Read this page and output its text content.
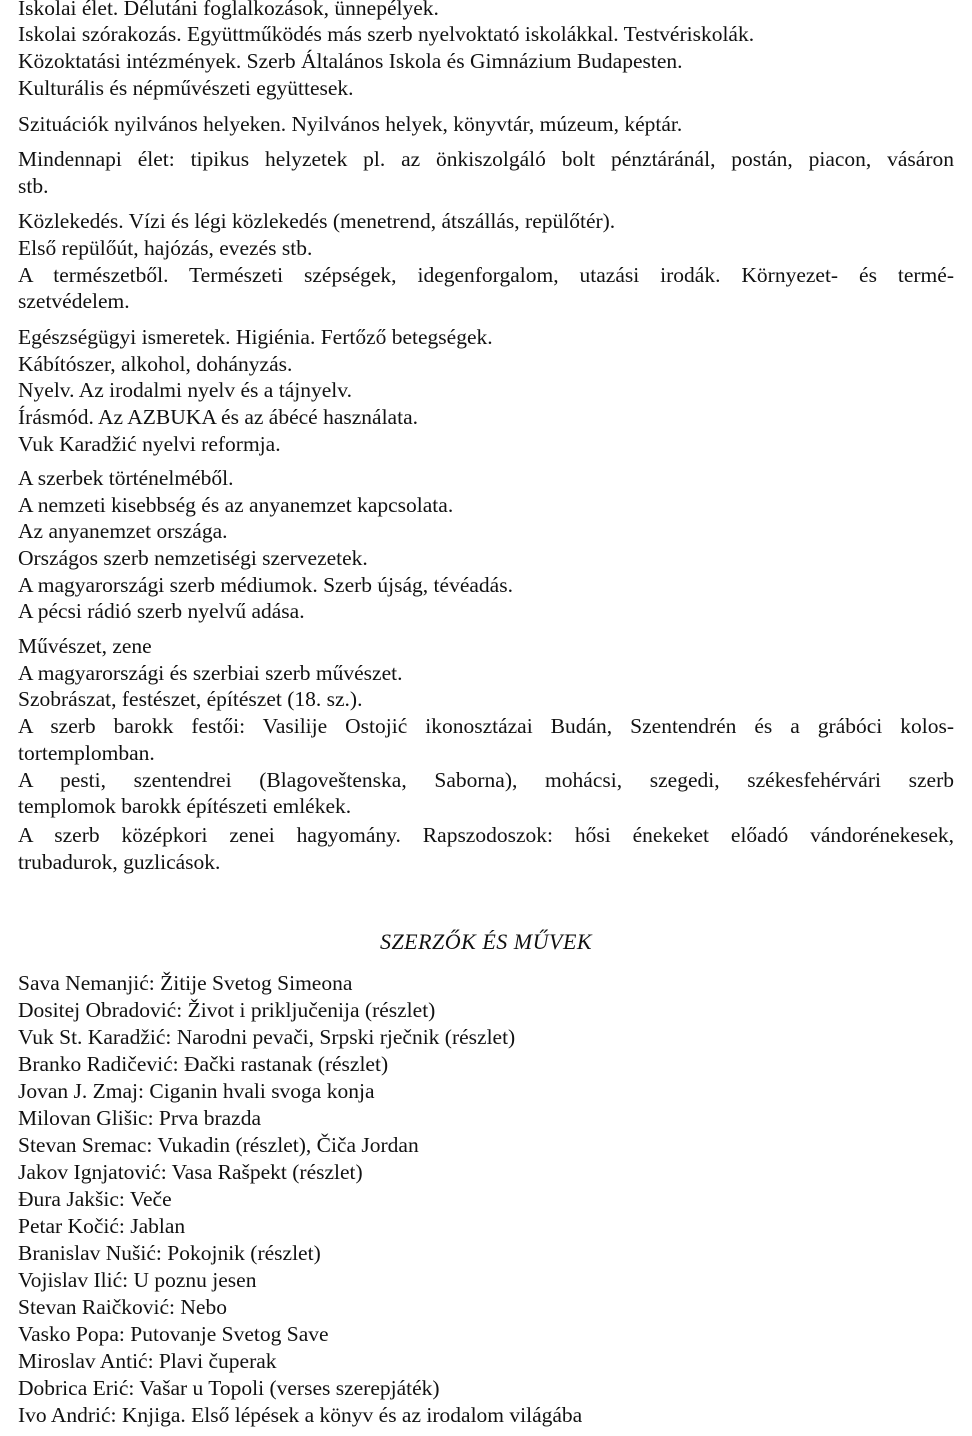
Iskolai élet. Délutáni foglalkozások, ünnepélyek.
Iskolai szórakozás. Együttműködés más szerb nyelvoktató iskolákkal. Testvériskolák.
Közoktatási intézmények. Szerb Általános Iskola és Gimnázium Budapesten.
Kulturális és népművészeti együttesek.
Szituációk nyilvános helyeken. Nyilvános helyek, könyvtár, múzeum, képtár.
Mindennapi élet: tipikus helyzetek pl. az önkiszolgáló bolt pénztáránál, postán, piacon, vásáron
stb.
Közlekedés. Vízi és légi közlekedés (menetrend, átszállás, repülőtér).
Első repülőút, hajózás, evezés stb.
A természetből. Természeti szépségek, idegenforgalom, utazási irodák. Környezet- és termé-
szetvédelem.
Egészségügyi ismeretek. Higiénia. Fertőző betegségek.
Kábítószer, alkohol, dohányzás.
Nyelv. Az irodalmi nyelv és a tájnyelv.
Írásmód. Az AZBUKA és az ábécé használata.
Vuk Karadžić nyelvi reformja.
A szerbek történelméből.
A nemzeti kisebbség és az anyanemzet kapcsolata.
Az anyanemzet országa.
Országos szerb nemzetiségi szervezetek.
A magyarországi szerb médiumok. Szerb újság, tévéadás.
A pécsi rádió szerb nyelvű adása.
Művészet, zene
A magyarországi és szerbiai szerb művészet.
Szobrászat, festészet, építészet (18. sz.).
A szerb barokk festői: Vasilije Ostojić ikonosztázai Budán, Szentendrén és a grábóci kolos-
tortemplomban.
A pesti, szentendrei (Blagoveštenska, Saborna), mohácsi, szegedi, székesfehérvári szerb
templomok barokk építészeti emlékek.
A szerb középkori zenei hagyomány. Rapszodoszok: hősi énekeket előadó vándorénekesek,
trubadurok, guzlicások.
SZERZŐK ÉS MŰVEK
Sava Nemanjić: Žitije Svetog Simeona
Dositej Obradović: Život i priključenija (részlet)
Vuk St. Karadžić: Narodni pevači, Srpski rječnik (részlet)
Branko Radičević: Đački rastanak (részlet)
Jovan J. Zmaj: Ciganin hvali svoga konja
Milovan Glišic: Prva brazda
Stevan Sremac: Vukadin (részlet), Čiča Jordan
Jakov Ignjatović: Vasa Rašpekt (részlet)
Đura Jakšic: Veče
Petar Kočić: Jablan
Branislav Nušić: Pokojnik (részlet)
Vojislav Ilić: U poznu jesen
Stevan Raičković: Nebo
Vasko Popa: Putovanje Svetog Save
Miroslav Antić: Plavi čuperak
Dobrica Erić: Vašar u Topoli (verses szerepjáték)
Ivo Andrić: Knjiga. Első lépések a könyv és az irodalom világába
